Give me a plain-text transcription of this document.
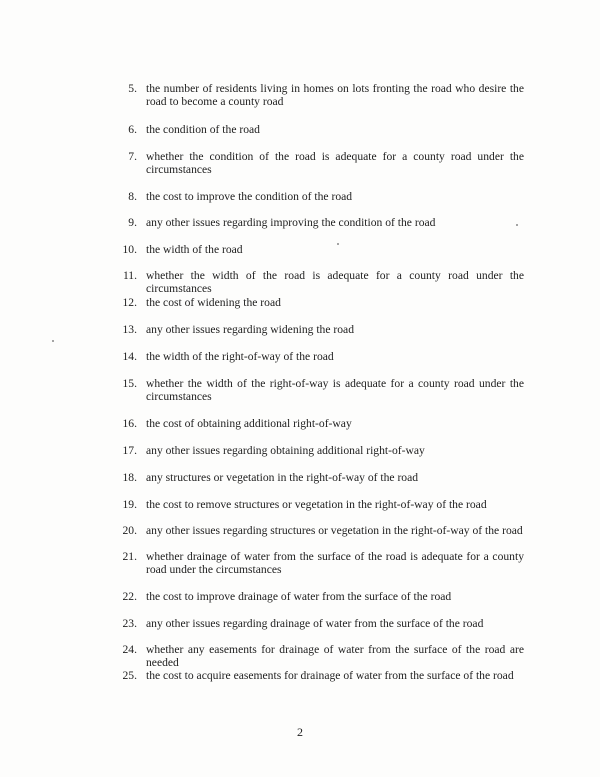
5. the number of residents living in homes on lots fronting the road who desire the road to become a county road
6. the condition of the road
7. whether the condition of the road is adequate for a county road under the circumstances
8. the cost to improve the condition of the road
9. any other issues regarding improving the condition of the road
10. the width of the road
11. whether the width of the road is adequate for a county road under the circumstances
12. the cost of widening the road
13. any other issues regarding widening the road
14. the width of the right-of-way of the road
15. whether the width of the right-of-way is adequate for a county road under the circumstances
16. the cost of obtaining additional right-of-way
17. any other issues regarding obtaining additional right-of-way
18. any structures or vegetation in the right-of-way of the road
19. the cost to remove structures or vegetation in the right-of-way of the road
20. any other issues regarding structures or vegetation in the right-of-way of the road
21. whether drainage of water from the surface of the road is adequate for a county road under the circumstances
22. the cost to improve drainage of water from the surface of the road
23. any other issues regarding drainage of water from the surface of the road
24. whether any easements for drainage of water from the surface of the road are needed
25. the cost to acquire easements for drainage of water from the surface of the road
2
